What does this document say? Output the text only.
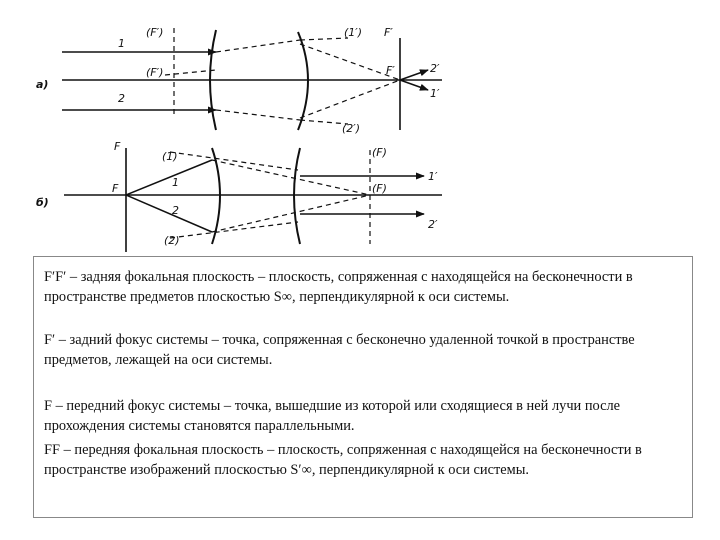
а)
1
2
(F′)
(F′)
(1′)
(2′)
F′
F′	2′
1′
б)
F
F
(1)
1
2
(2)
(F)
(F)
1′
2′

F′F′ – задняя фокальная плоскость – плоскость, сопряженная с находящейся на бесконечности в пространстве предметов плоскостью S∞, перпендикулярной к оси системы.

F′ – задний фокус системы – точка, сопряженная с бесконечно удаленной точкой в пространстве предметов, лежащей на оси системы.

F – передний фокус системы – точка, вышедшие из которой или сходящиеся в ней лучи после прохождения системы становятся параллельными.

FF – передняя фокальная плоскость – плоскость, сопряженная с находящейся на бесконечности в пространстве изображений плоскостью S′∞, перпендикулярной к оси системы.
